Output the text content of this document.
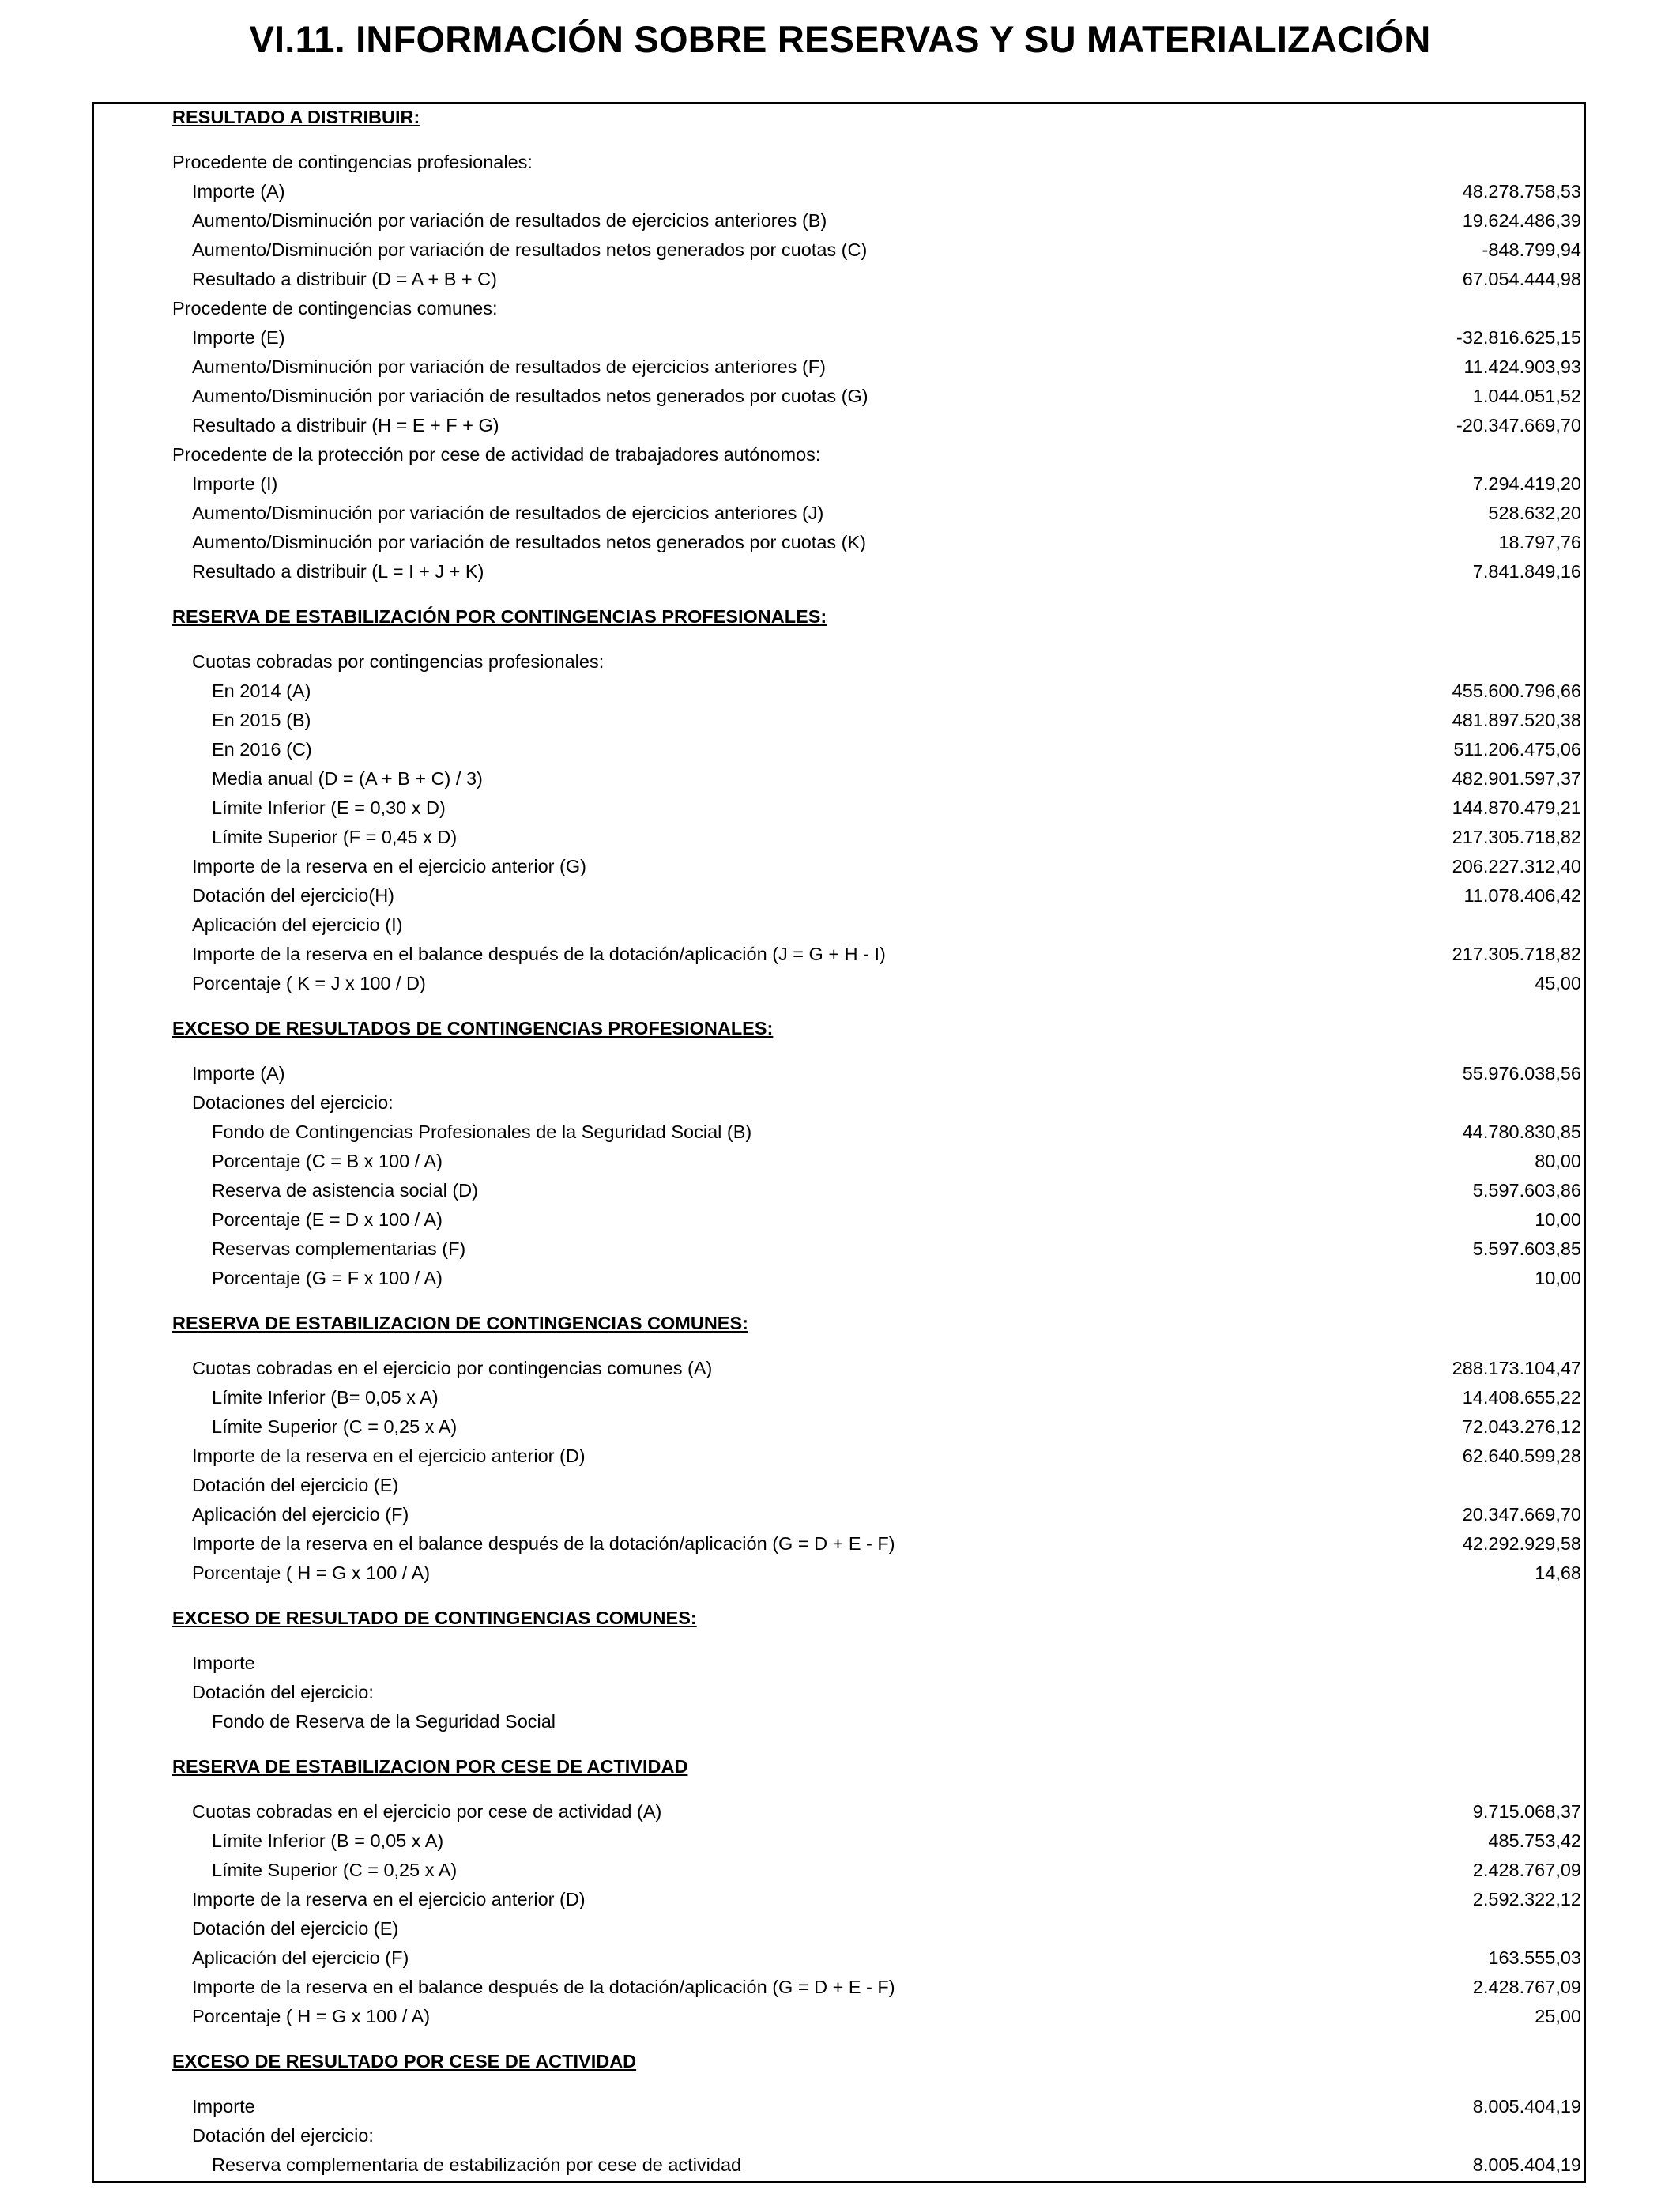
VI.11. INFORMACIÓN SOBRE RESERVAS Y SU MATERIALIZACIÓN
RESULTADO A DISTRIBUIR:
Procedente de contingencias profesionales:
Importe (A)	48.278.758,53
Aumento/Disminución por variación de resultados de ejercicios anteriores (B)	19.624.486,39
Aumento/Disminución por variación de resultados netos generados por cuotas (C)	-848.799,94
Resultado a distribuir (D = A + B + C)	67.054.444,98
Procedente de contingencias comunes:
Importe (E)	-32.816.625,15
Aumento/Disminución por variación de resultados de ejercicios anteriores (F)	11.424.903,93
Aumento/Disminución por variación de resultados netos generados por cuotas (G)	1.044.051,52
Resultado a distribuir (H = E + F + G)	-20.347.669,70
Procedente de la protección por cese de actividad de trabajadores autónomos:
Importe (I)	7.294.419,20
Aumento/Disminución por variación de resultados de ejercicios anteriores (J)	528.632,20
Aumento/Disminución por variación de resultados netos generados por cuotas (K)	18.797,76
Resultado a distribuir (L = I + J + K)	7.841.849,16
RESERVA DE ESTABILIZACIÓN POR CONTINGENCIAS PROFESIONALES:
Cuotas cobradas por contingencias profesionales:
En 2014 (A)	455.600.796,66
En 2015 (B)	481.897.520,38
En 2016 (C)	511.206.475,06
Media anual (D = (A + B + C) / 3)	482.901.597,37
Límite Inferior (E = 0,30 x D)	144.870.479,21
Límite Superior (F = 0,45 x D)	217.305.718,82
Importe de la reserva en el ejercicio anterior (G)	206.227.312,40
Dotación del ejercicio(H)	11.078.406,42
Aplicación del ejercicio (I)
Importe de la reserva en el balance después de la dotación/aplicación (J = G + H - I)	217.305.718,82
Porcentaje ( K = J x 100 / D)	45,00
EXCESO DE RESULTADOS DE CONTINGENCIAS PROFESIONALES:
Importe (A)	55.976.038,56
Dotaciones del ejercicio:
Fondo de Contingencias Profesionales de la Seguridad Social (B)	44.780.830,85
Porcentaje (C = B x 100 / A)	80,00
Reserva de asistencia social (D)	5.597.603,86
Porcentaje (E = D x 100 / A)	10,00
Reservas complementarias (F)	5.597.603,85
Porcentaje (G = F x 100 / A)	10,00
RESERVA DE ESTABILIZACION DE CONTINGENCIAS COMUNES:
Cuotas cobradas en el ejercicio por contingencias comunes (A)	288.173.104,47
Límite Inferior (B= 0,05 x A)	14.408.655,22
Límite Superior (C = 0,25 x A)	72.043.276,12
Importe de la reserva en el ejercicio anterior (D)	62.640.599,28
Dotación del ejercicio (E)
Aplicación del ejercicio (F)	20.347.669,70
Importe de la reserva en el balance después de la dotación/aplicación (G = D + E - F)	42.292.929,58
Porcentaje ( H = G x 100 / A)	14,68
EXCESO DE RESULTADO DE CONTINGENCIAS COMUNES:
Importe
Dotación del ejercicio:
Fondo de Reserva de la Seguridad Social
RESERVA DE ESTABILIZACION POR CESE DE ACTIVIDAD
Cuotas cobradas en el ejercicio por cese de actividad (A)	9.715.068,37
Límite Inferior (B = 0,05 x A)	485.753,42
Límite Superior (C = 0,25 x A)	2.428.767,09
Importe de la reserva en el ejercicio anterior (D)	2.592.322,12
Dotación del ejercicio (E)
Aplicación del ejercicio (F)	163.555,03
Importe de la reserva en el balance después de la dotación/aplicación (G = D + E - F)	2.428.767,09
Porcentaje ( H = G x 100 / A)	25,00
EXCESO DE RESULTADO POR CESE DE ACTIVIDAD
Importe	8.005.404,19
Dotación del ejercicio:
Reserva complementaria de estabilización por cese de actividad	8.005.404,19
